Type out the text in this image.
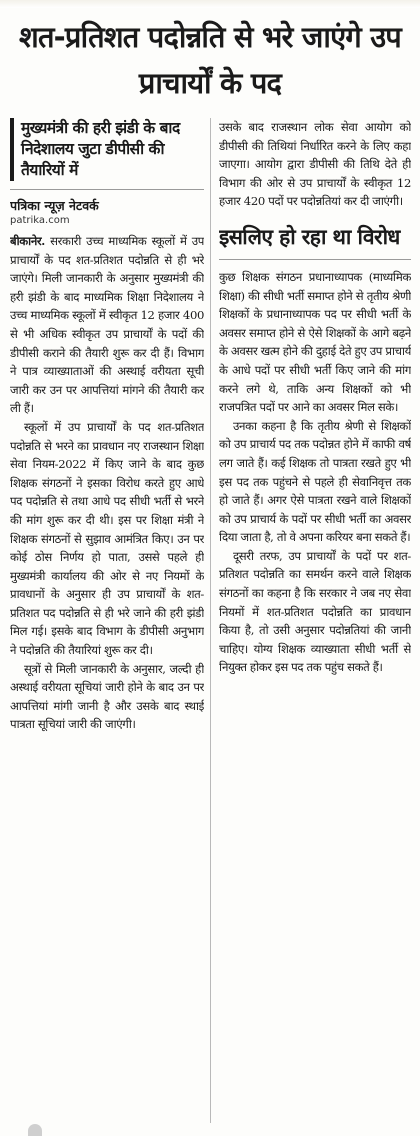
शत-प्रतिशत पदोन्नति से भरे जाएंगे उप प्राचार्यों के पद
मुख्यमंत्री की हरी झंडी के बाद निदेशालय जुटा डीपीसी की तैयारियों में
पत्रिका न्यूज़ नेटवर्क
patrika.com

बीकानेर. सरकारी उच्च माध्यमिक स्कूलों में उप प्राचार्यों के पद शत-प्रतिशत पदोन्नति से ही भरे जाएंगे। मिली जानकारी के अनुसार मुख्यमंत्री की हरी झंडी के बाद माध्यमिक शिक्षा निदेशालय ने उच्च माध्यमिक स्कूलों में स्वीकृत 12 हजार 400 से भी अधिक स्वीकृत उप प्राचार्यों के पदों की डीपीसी कराने की तैयारी शुरू कर दी हैं। विभाग ने पात्र व्याख्याताओं की अस्थाई वरीयता सूची जारी कर उन पर आपत्तियां मांगने की तैयारी कर ली हैं।

स्कूलों में उप प्राचार्यों के पद शत-प्रतिशत पदोन्नति से भरने का प्रावधान नए राजस्थान शिक्षा सेवा नियम-2022 में किए जाने के बाद कुछ शिक्षक संगठनों ने इसका विरोध करते हुए आधे पद पदोन्नति से तथा आधे पद सीधी भर्ती से भरने की मांग शुरू कर दी थी। इस पर शिक्षा मंत्री ने शिक्षक संगठनों से सुझाव आमंत्रित किए। उन पर कोई ठोस निर्णय हो पाता, उससे पहले ही मुख्यमंत्री कार्यालय की ओर से नए नियमों के प्रावधानों के अनुसार ही उप प्राचार्यों के शत-प्रतिशत पद पदोन्नति से ही भरे जाने की हरी झंडी मिल गई। इसके बाद विभाग के डीपीसी अनुभाग ने पदोन्नति की तैयारियां शुरू कर दी।

सूत्रों से मिली जानकारी के अनुसार, जल्दी ही अस्थाई वरीयता सूचियां जारी होने के बाद उन पर आपत्तियां मांगी जानी है और उसके बाद स्थाई पात्रता सूचियां जारी की जाएंगी।

उसके बाद राजस्थान लोक सेवा आयोग को डीपीसी की तिथियां निर्धारित करने के लिए कहा जाएगा। आयोग द्वारा डीपीसी की तिथि देते ही विभाग की ओर से उप प्राचार्यों के स्वीकृत 12 हजार 420 पदों पर पदोन्नतियां कर दी जाएंगी।

इसलिए हो रहा था विरोध

कुछ शिक्षक संगठन प्रधानाध्यापक (माध्यमिक शिक्षा) की सीधी भर्ती समाप्त होने से तृतीय श्रेणी शिक्षकों के प्रधानाध्यापक पद पर सीधी भर्ती के अवसर समाप्त होने से ऐसे शिक्षकों के आगे बढ़ने के अवसर खत्म होने की दुहाई देते हुए उप प्राचार्य के आधे पदों पर सीधी भर्ती किए जाने की मांग करने लगे थे, ताकि अन्य शिक्षकों को भी राजपत्रित पदों पर आने का अवसर मिल सके।

उनका कहना है कि तृतीय श्रेणी से शिक्षकों को उप प्राचार्य पद तक पदोन्नत होने में काफी वर्ष लग जाते हैं। कई शिक्षक तो पात्रता रखते हुए भी इस पद तक पहुंचने से पहले ही सेवानिवृत्त तक हो जाते हैं। अगर ऐसे पात्रता रखने वाले शिक्षकों को उप प्राचार्य के पदों पर सीधी भर्ती का अवसर दिया जाता है, तो वे अपना करियर बना सकते हैं।

दूसरी तरफ, उप प्राचार्यों के पदों पर शत-प्रतिशत पदोन्नति का समर्थन करने वाले शिक्षक संगठनों का कहना है कि सरकार ने जब नए सेवा नियमों में शत-प्रतिशत पदोन्नति का प्रावधान किया है, तो उसी अनुसार पदोन्नतियां की जानी चाहिए। योग्य शिक्षक व्याख्याता सीधी भर्ती से नियुक्त होकर इस पद तक पहुंच सकते हैं।
